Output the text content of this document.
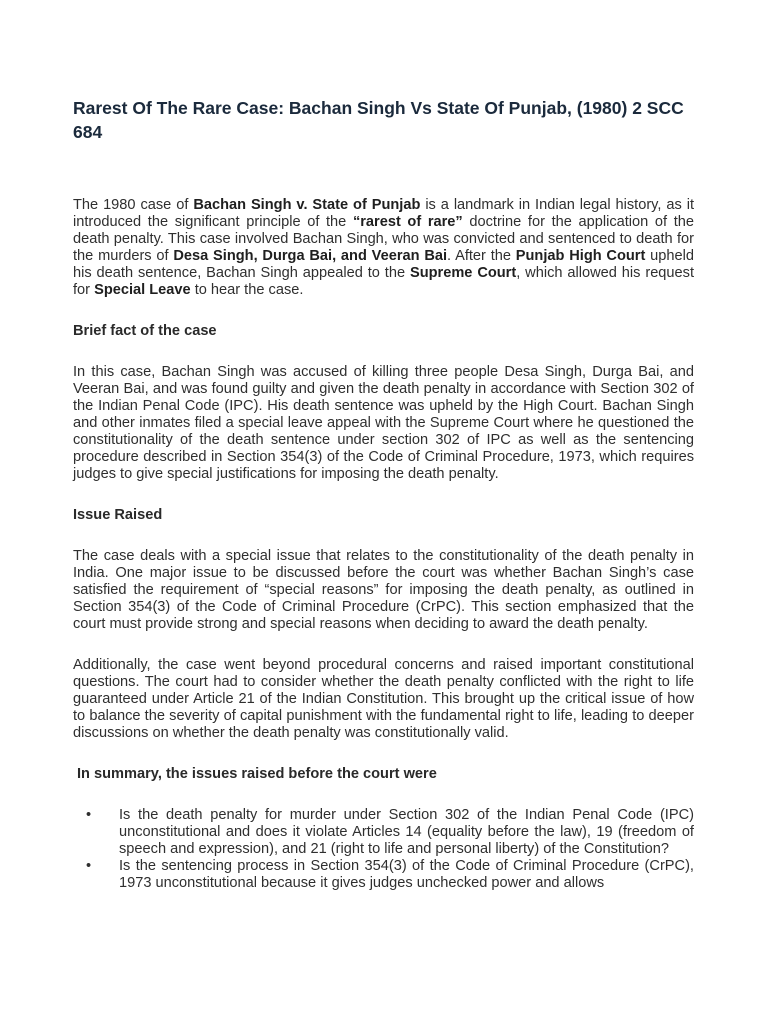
Rarest Of The Rare Case: Bachan Singh Vs State Of Punjab, (1980) 2 SCC 684

The 1980 case of Bachan Singh v. State of Punjab is a landmark in Indian legal history, as it introduced the significant principle of the “rarest of rare” doctrine for the application of the death penalty. This case involved Bachan Singh, who was convicted and sentenced to death for the murders of Desa Singh, Durga Bai, and Veeran Bai. After the Punjab High Court upheld his death sentence, Bachan Singh appealed to the Supreme Court, which allowed his request for Special Leave to hear the case.

Brief fact of the case

In this case, Bachan Singh was accused of killing three people Desa Singh, Durga Bai, and Veeran Bai, and was found guilty and given the death penalty in accordance with Section 302 of the Indian Penal Code (IPC). His death sentence was upheld by the High Court. Bachan Singh and other inmates filed a special leave appeal with the Supreme Court where he questioned the constitutionality of the death sentence under section 302 of IPC as well as the sentencing procedure described in Section 354(3) of the Code of Criminal Procedure, 1973, which requires judges to give special justifications for imposing the death penalty.

Issue Raised

The case deals with a special issue that relates to the constitutionality of the death penalty in India. One major issue to be discussed before the court was whether Bachan Singh’s case satisfied the requirement of “special reasons” for imposing the death penalty, as outlined in Section 354(3) of the Code of Criminal Procedure (CrPC). This section emphasized that the court must provide strong and special reasons when deciding to award the death penalty.

Additionally, the case went beyond procedural concerns and raised important constitutional questions. The court had to consider whether the death penalty conflicted with the right to life guaranteed under Article 21 of the Indian Constitution. This brought up the critical issue of how to balance the severity of capital punishment with the fundamental right to life, leading to deeper discussions on whether the death penalty was constitutionally valid.

In summary, the issues raised before the court were
• Is the death penalty for murder under Section 302 of the Indian Penal Code (IPC) unconstitutional and does it violate Articles 14 (equality before the law), 19 (freedom of speech and expression), and 21 (right to life and personal liberty) of the Constitution?
• Is the sentencing process in Section 354(3) of the Code of Criminal Procedure (CrPC), 1973 unconstitutional because it gives judges unchecked power and allows
